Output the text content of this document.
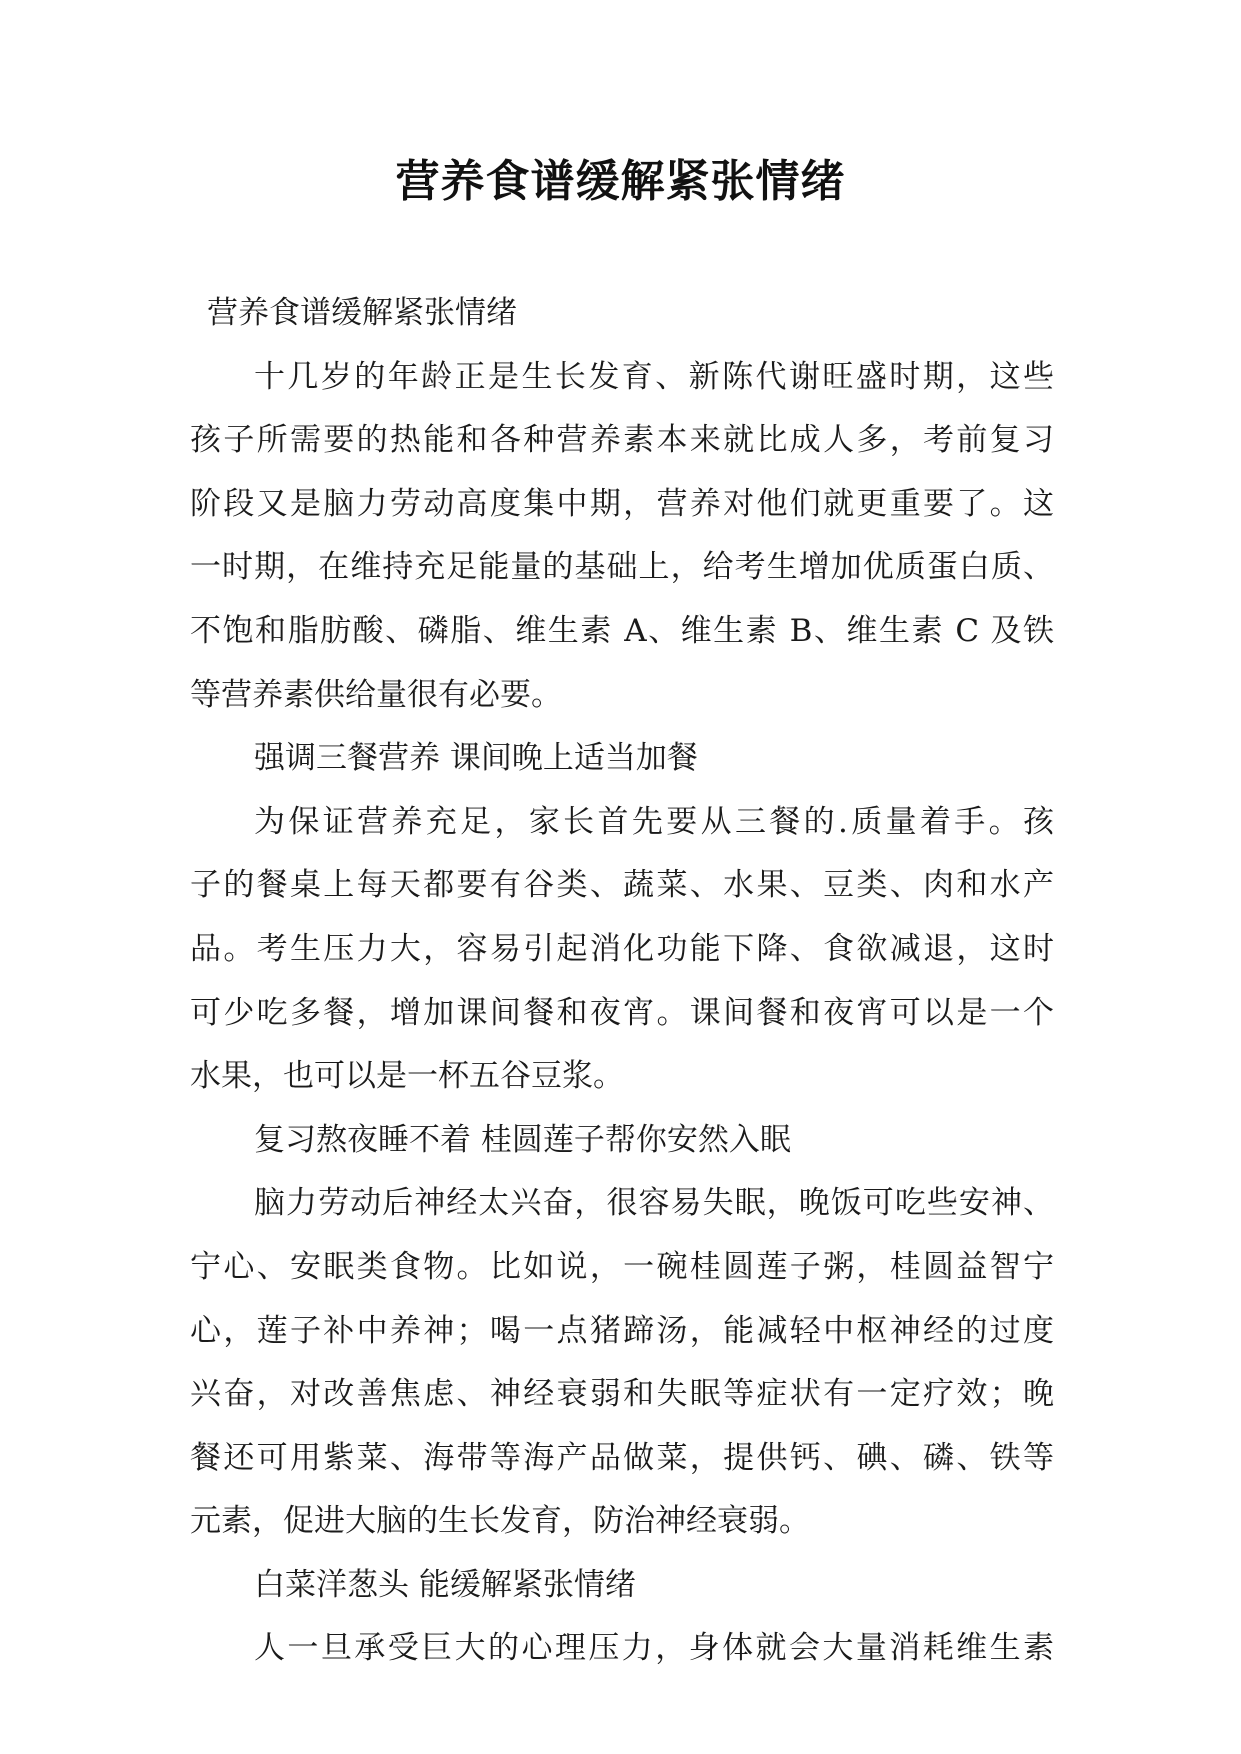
营养食谱缓解紧张情绪
营养食谱缓解紧张情绪
十几岁的年龄正是生长发育、新陈代谢旺盛时期，这些
孩子所需要的热能和各种营养素本来就比成人多，考前复习
阶段又是脑力劳动高度集中期，营养对他们就更重要了。这
一时期，在维持充足能量的基础上，给考生增加优质蛋白质、
不饱和脂肪酸、磷脂、维生素 A、维生素 B、维生素 C 及铁
等营养素供给量很有必要。
强调三餐营养 课间晚上适当加餐
为保证营养充足，家长首先要从三餐的.质量着手。孩
子的餐桌上每天都要有谷类、蔬菜、水果、豆类、肉和水产
品。考生压力大，容易引起消化功能下降、食欲减退，这时
可少吃多餐，增加课间餐和夜宵。课间餐和夜宵可以是一个
水果，也可以是一杯五谷豆浆。
复习熬夜睡不着 桂圆莲子帮你安然入眠
脑力劳动后神经太兴奋，很容易失眠，晚饭可吃些安神、
宁心、安眠类食物。比如说，一碗桂圆莲子粥，桂圆益智宁
心，莲子补中养神；喝一点猪蹄汤，能减轻中枢神经的过度
兴奋，对改善焦虑、神经衰弱和失眠等症状有一定疗效；晚
餐还可用紫菜、海带等海产品做菜，提供钙、碘、磷、铁等
元素，促进大脑的生长发育，防治神经衰弱。
白菜洋葱头 能缓解紧张情绪
人一旦承受巨大的心理压力，身体就会大量消耗维生素
